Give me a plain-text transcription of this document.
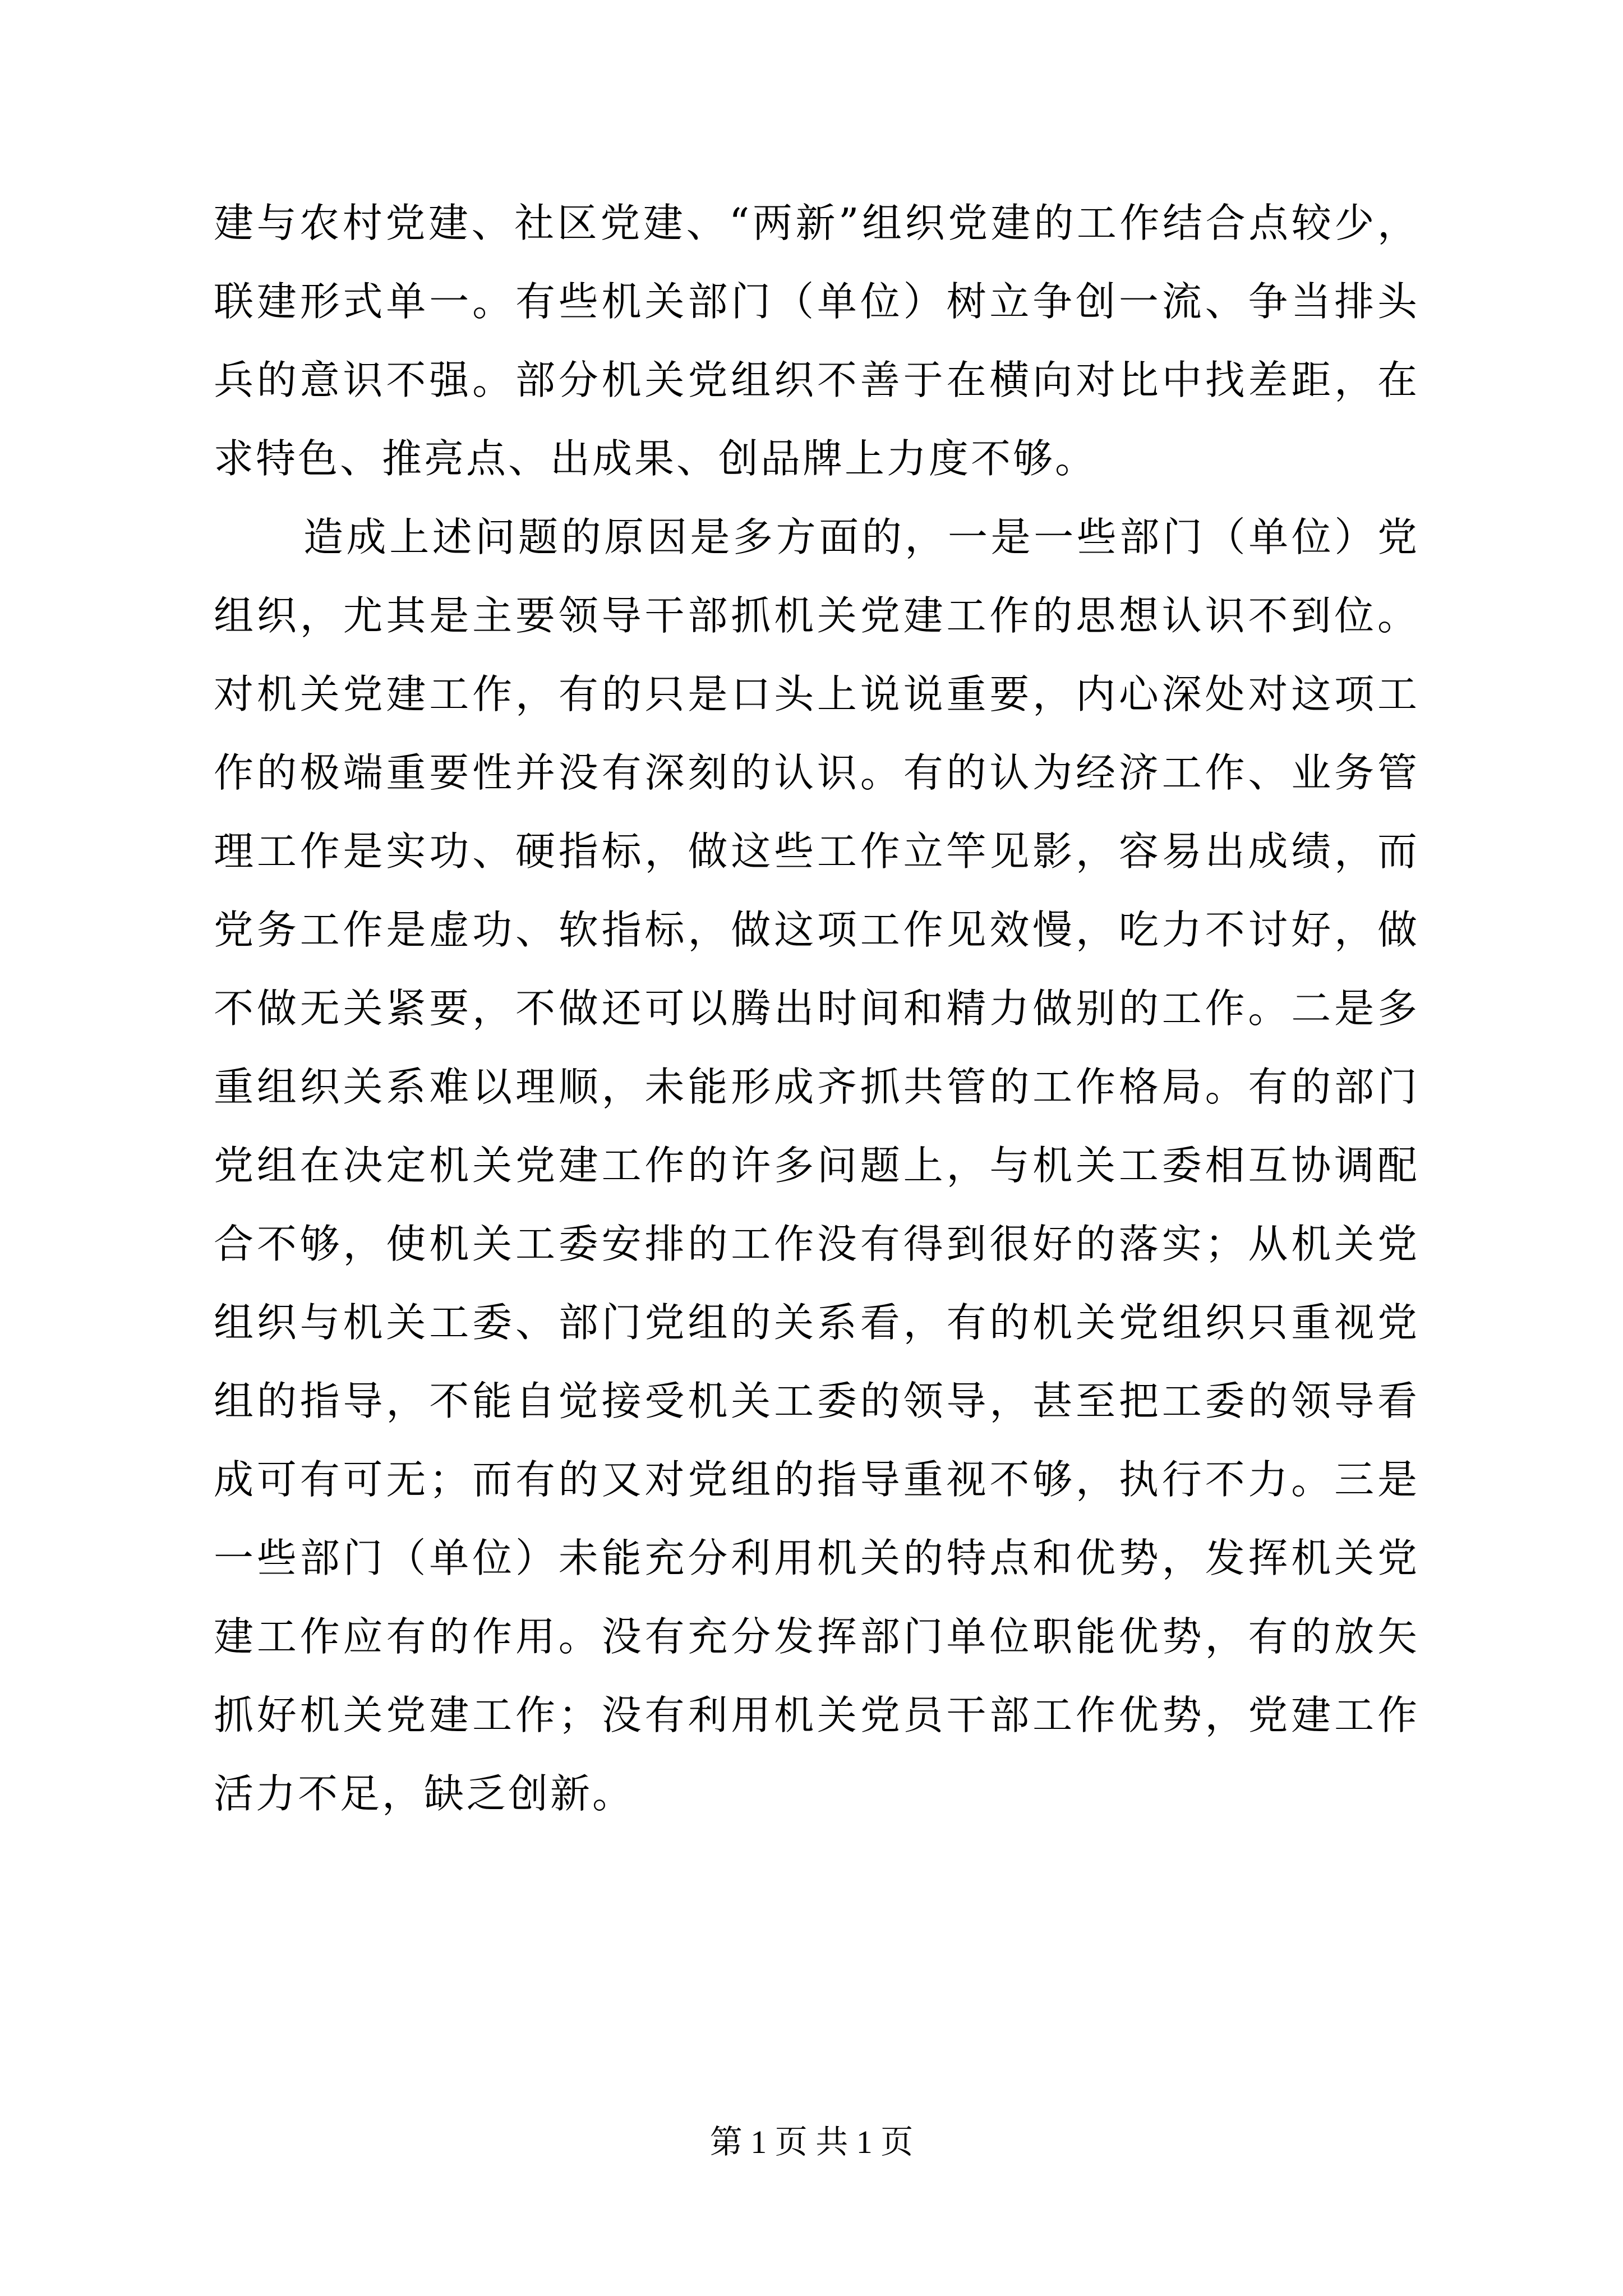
建与农村党建、社区党建、“两新”组织党建的工作结合点较少，
联建形式单一。有些机关部门（单位）树立争创一流、争当排头
兵的意识不强。部分机关党组织不善于在横向对比中找差距，在
求特色、推亮点、出成果、创品牌上力度不够。
造成上述问题的原因是多方面的，一是一些部门（单位）党
组织，尤其是主要领导干部抓机关党建工作的思想认识不到位。
对机关党建工作，有的只是口头上说说重要，内心深处对这项工
作的极端重要性并没有深刻的认识。有的认为经济工作、业务管
理工作是实功、硬指标，做这些工作立竿见影，容易出成绩，而
党务工作是虚功、软指标，做这项工作见效慢，吃力不讨好，做
不做无关紧要，不做还可以腾出时间和精力做别的工作。二是多
重组织关系难以理顺，未能形成齐抓共管的工作格局。有的部门
党组在决定机关党建工作的许多问题上，与机关工委相互协调配
合不够，使机关工委安排的工作没有得到很好的落实；从机关党
组织与机关工委、部门党组的关系看，有的机关党组织只重视党
组的指导，不能自觉接受机关工委的领导，甚至把工委的领导看
成可有可无；而有的又对党组的指导重视不够，执行不力。三是
一些部门（单位）未能充分利用机关的特点和优势，发挥机关党
建工作应有的作用。没有充分发挥部门单位职能优势，有的放矢
抓好机关党建工作；没有利用机关党员干部工作优势，党建工作
活力不足，缺乏创新。
第 1 页 共 1 页
